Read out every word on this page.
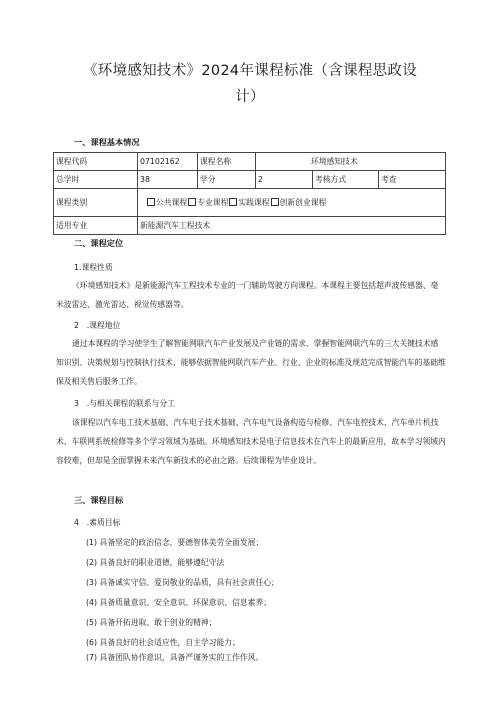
《环境感知技术》2024年课程标准（含课程思政设
计）
一、课程基本情况
课程代码	07102162	课程名称	环境感知技术		
总学时	38	学分	2	考核方式	考查
课程类别	公共课程 专业课程 实践课程 创新创业课程				
适用专业	新能源汽车工程技术				
二、课程定位
1.课程性质
《环境感知技术》是新能源汽车工程技术专业的一门辅助驾驶方向课程。本课程主要包括超声波传感器、毫米波雷达、激光雷达、视觉传感器等。
2　.课程地位
通过本课程的学习使学生了解智能网联汽车产业发展及产业链的需求、掌握智能网联汽车的三大关键技术感知识别、决策规划与控制执行技术，能够依据智能网联汽车产业、行业、企业的标准及规范完成智能汽车的基础维保及相关售后服务工作。
3　.与相关课程的联系与分工
该课程以汽车电工技术基础、汽车电子技术基础、汽车电气设备构造与检修、汽车电控技术、汽车单片机技术、车联网系统检修等多个学习领域为基础。环境感知技术是电子信息技术在汽车上的最新应用，故本学习领域内容较难，但却是全面掌握未来汽车新技术的必由之路。后续课程为毕业设计。
三、课程目标
4　.素质目标
(1) 具备坚定的政治信念，要德智体美劳全面发展；
(2) 具备良好的职业道德，能够遵纪守法
(3) 具备诚实守信、爱岗敬业的品质，具有社会责任心；
(4) 具备质量意识、安全意识、环保意识、信息素养；
(5) 具备开拓进取、敢于创业的精神；
(6) 具备良好的社会适应性，自主学习能力；
(7) 具备团队协作意识，具备严谨务实的工作作风。
